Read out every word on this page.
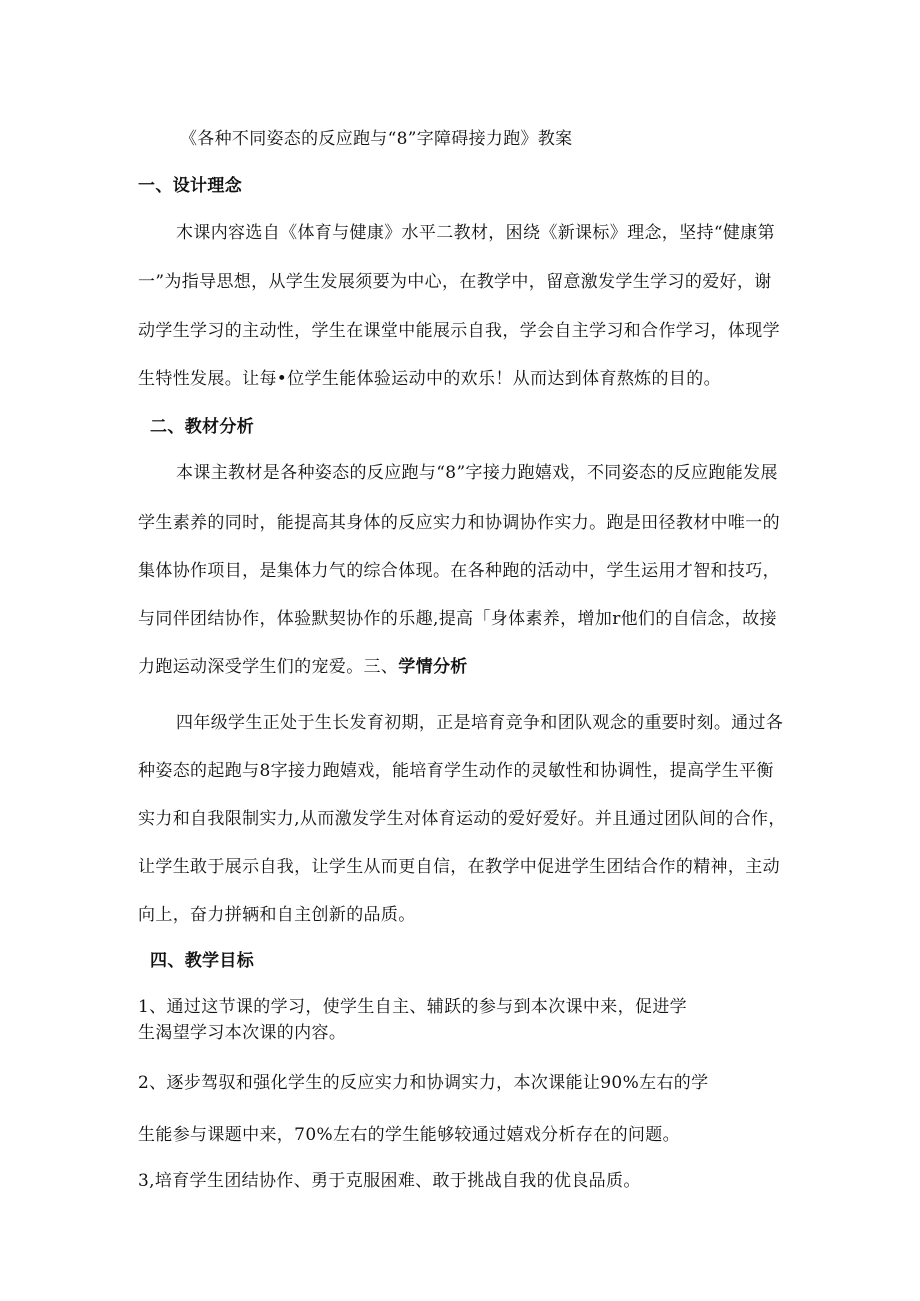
《各种不同姿态的反应跑与“8”字障碍接力跑》教案
一、设计理念
木课内容选自《体育与健康》水平二教材，困绕《新课标》理念，坚持“健康第
一”为指导思想，从学生发展须要为中心，在教学中，留意激发学生学习的爱好，谢
动学生学习的主动性，学生在课堂中能展示自我，学会自主学习和合作学习，体现学
生特性发展。让每•位学生能体验运动中的欢乐！从而达到体育熬炼的目的。
二、教材分析
本课主教材是各种姿态的反应跑与“8”字接力跑嬉戏，不同姿态的反应跑能发展
学生素养的同时，能提高其身体的反应实力和协调协作实力。跑是田径教材中唯一的
集体协作项目，是集体力气的综合体现。在各种跑的活动中，学生运用才智和技巧，
与同伴团结协作，体验默契协作的乐趣,提高「身体素养，增加r他们的自信念，故接
力跑运动深受学生们的宠爱。三、学情分析
四年级学生正处于生长发育初期，正是培育竞争和团队观念的重要时刻。通过各
种姿态的起跑与8字接力跑嬉戏，能培育学生动作的灵敏性和协调性，提高学生平衡
实力和自我限制实力,从而激发学生对体育运动的爱好爱好。并且通过团队间的合作，
让学生敢于展示自我，让学生从而更自信，在教学中促进学生团结合作的精神，主动
向上，奋力拼辆和自主创新的品质。
四、教学目标
1、通过这节课的学习，使学生自主、辅跃的参与到本次课中来，促进学
生渴望学习本次课的内容。
2、逐步驾驭和强化学生的反应实力和协调实力，本次课能让90%左右的学
生能参与课题中来，70%左右的学生能够较通过嬉戏分析存在的问题。
3,培育学生团结协作、勇于克服困难、敢于挑战自我的优良品质。
